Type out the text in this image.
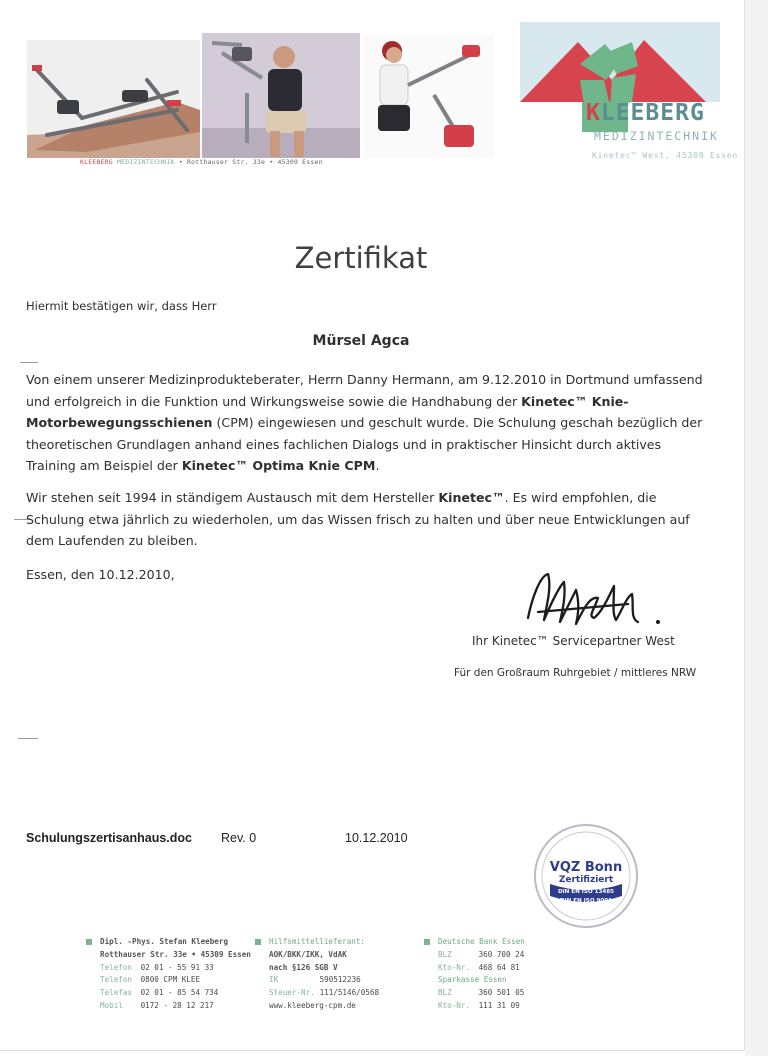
KLEEBERG MEDIZINTECHNIK • Rotthauser Str. 33e • 45309 Essen
KLEEBERG
MEDIZINTECHNIK
Kinetec™ West, 45309 Essen
Zertifikat
Hiermit bestätigen wir, dass Herr
Mürsel Agca
Von einem unserer Medizinprodukteberater, Herrn Danny Hermann, am 9.12.2010 in Dortmund umfassend und erfolgreich in die Funktion und Wirkungsweise sowie die Handhabung der Kinetec™ Knie-Motorbewegungsschienen (CPM) eingewiesen und geschult wurde. Die Schulung geschah bezüglich der theoretischen Grundlagen anhand eines fachlichen Dialogs und in praktischer Hinsicht durch aktives Training am Beispiel der Kinetec™ Optima Knie CPM.
Wir stehen seit 1994 in ständigem Austausch mit dem Hersteller Kinetec™. Es wird empfohlen, die Schulung etwa jährlich zu wiederholen, um das Wissen frisch zu halten und über neue Entwicklungen auf dem Laufenden zu bleiben.
Essen, den 10.12.2010,
Ihr Kinetec™ Servicepartner West
Für den Großraum Ruhrgebiet / mittleres NRW
Schulungszertisanhaus.doc Rev. 0	10.12.2010
VQZ Bonn
Zertifiziert
DIN EN ISO 13485
DIN EN ISO 9001
Dipl. -Phys. Stefan Kleeberg
Rotthauser Str. 33e • 45309 Essen
Telefon 02 01 - 55 91 33
Telefon 0800 CPM KLEE
Telefax 02 01 - 85 54 734
Mobil 0172 - 28 12 217
Hilfsmittellieferant:
AOK/BKK/IKK, VdAK
nach §126 SGB V
IK	590512236
Steuer-Nr. 111/5146/0568
www.kleeberg-cpm.de
Deutsche Bank Essen
BLZ	360 700 24
Kto-Nr. 468 64 81
Sparkasse Essen
BLZ	360 501 05
Kto-Nr. 111 31 09
